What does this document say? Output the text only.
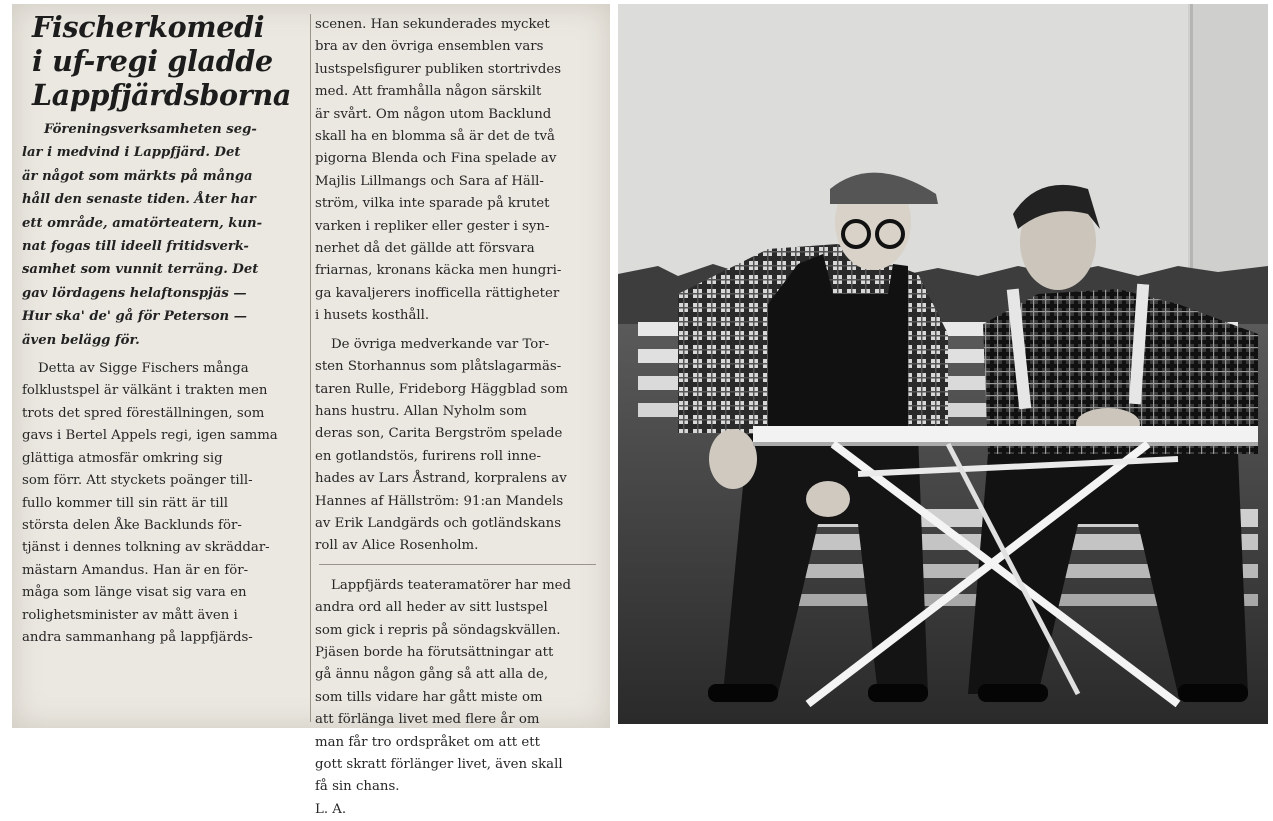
Fischerkomedi
i uf-regi gladde
Lappfjärdsborna

Föreningsverksamheten seg-
lar i medvind i Lappfjärd. Det
är något som märkts på många
håll den senaste tiden. Åter har
ett område, amatörteatern, kun-
nat fogas till ideell fritidsverk-
samhet som vunnit terräng. Det
gav lördagens helaftonspjäs —
Hur ska' de' gå för Peterson —
även belägg för.

Detta av Sigge Fischers många
folklustspel är välkänt i trakten men
trots det spred föreställningen, som
gavs i Bertel Appels regi, igen samma
glättiga atmosfär omkring sig
som förr. Att styckets poänger till-
fullo kommer till sin rätt är till
största delen Åke Backlunds för-
tjänst i dennes tolkning av skräddar-
mästarn Amandus. Han är en för-
måga som länge visat sig vara en
rolighetsminister av mått även i
andra sammanhang på lappfjärds-

scenen. Han sekunderades mycket
bra av den övriga ensemblen vars
lustspelsfigurer publiken stortrivdes
med. Att framhålla någon särskilt
är svårt. Om någon utom Backlund
skall ha en blomma så är det de två
pigorna Blenda och Fina spelade av
Majlis Lillmangs och Sara af Häll-
ström, vilka inte sparade på krutet
varken i repliker eller gester i syn-
nerhet då det gällde att försvara
friarnas, kronans käcka men hungri-
ga kavaljerers inofficella rättigheter
i husets kosthåll.

De övriga medverkande var Tor-
sten Storhannus som plåtslagarmäs-
taren Rulle, Frideborg Häggblad som
hans hustru. Allan Nyholm som
deras son, Carita Bergström spelade
en gotlandstös, furirens roll inne-
hades av Lars Åstrand, korpralens av
Hannes af Hällström: 91:an Mandels
av Erik Landgärds och gotländskans
roll av Alice Rosenholm.

Lappfjärds teateramatörer har med
andra ord all heder av sitt lustspel
som gick i repris på söndagskvällen.
Pjäsen borde ha förutsättningar att
gå ännu någon gång så att alla de,
som tills vidare har gått miste om
att förlänga livet med flere år om
man får tro ordspråket om att ett
gott skratt förlänger livet, även skall
få sin chans.
L. A.
